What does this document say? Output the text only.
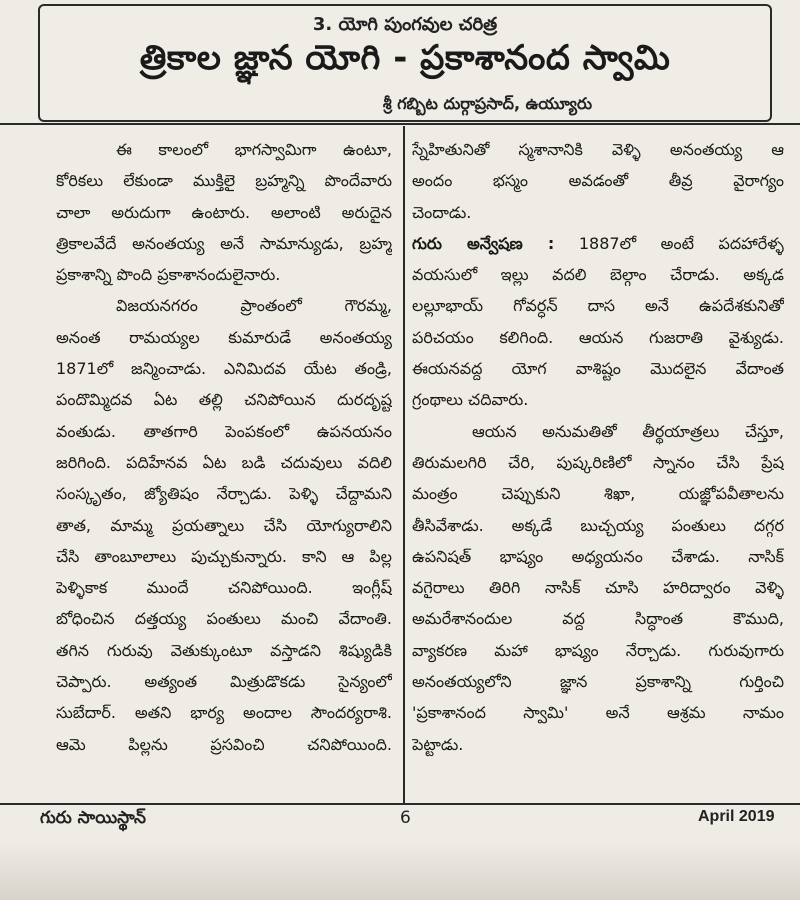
3. యోగి పుంగవుల చరిత్ర
త్రికాల జ్ఞాన యోగి - ప్రకాశానంద స్వామి
శ్రీ గబ్బిట దుర్గాప్రసాద్, ఉయ్యూరు
ఈ కాలంలో భాగస్వామిగా ఉంటూ,
కోరికలు లేకుండా ముక్తిలై బ్రహ్మన్ని పొందేవారు
చాలా అరుదుగా ఉంటారు. అలాంటి అరుదైన
త్రికాలవేదే అనంతయ్య అనే సామాన్యుడు, బ్రహ్మ
ప్రకాశాన్ని పొంది ప్రకాశానందులైనారు.
విజయనగరం ప్రాంతంలో గౌరమ్మ,
అనంత రామయ్యల కుమారుడే అనంతయ్య
1871లో జన్మించాడు. ఎనిమిదవ యేట తండ్రి,
పందొమ్మిదవ ఏట తల్లి చనిపోయిన దురదృష్ట
వంతుడు. తాతగారి పెంపకంలో ఉపనయనం
జరిగింది. పదిహేనవ ఏట బడి చదువులు వదిలి
సంస్కృతం, జ్యోతిషం నేర్చాడు. పెళ్ళి చేద్దామని
తాత, మామ్మ ప్రయత్నాలు చేసి యోగ్యురాలిని
చేసి తాంబూలాలు పుచ్చుకున్నారు. కాని ఆ పిల్ల
పెళ్ళికాక ముందే చనిపోయింది. ఇంగ్లీష్
బోధించిన దత్తయ్య పంతులు మంచి వేదాంతి.
తగిన గురువు వెతుక్కుంటూ వస్తాడని శిష్యుడికి
చెప్పారు. అత్యంత మిత్రుడొకడు సైన్యంలో
సుబేదార్. అతని భార్య అందాల సౌందర్యరాశి.
ఆమె పిల్లను ప్రసవించి చనిపోయింది.
స్నేహితునితో స్మశానానికి వెళ్ళి అనంతయ్య ఆ
అందం భస్మం అవడంతో తీవ్ర వైరాగ్యం
చెందాడు.
గురు అన్వేషణ : 1887లో అంటే పదహారేళ్ళ
వయసులో ఇల్లు వదలి బెల్గాం చేరాడు. అక్కడ
లల్లూభాయ్ గోవర్ధన్ దాస అనే ఉపదేశకునితో
పరిచయం కలిగింది. ఆయన గుజరాతి వైశ్యుడు.
ఈయనవద్ద యోగ వాశిష్టం మొదలైన వేదాంత
గ్రంథాలు చదివారు.
ఆయన అనుమతితో తీర్థయాత్రలు చేస్తూ,
తిరుమలగిరి చేరి, పుష్కరిణిలో స్నానం చేసి ప్రేష
మంత్రం చెప్పుకుని శిఖా, యజ్ఞోపవీతాలను
తీసివేశాడు. అక్కడే బుచ్చయ్య పంతులు దగ్గర
ఉపనిషత్ భాష్యం అధ్యయనం చేశాడు. నాసిక్
వగైరాలు తిరిగి నాసిక్ చూసి హరిద్వారం వెళ్ళి
అమరేశానందుల వద్ద సిద్ధాంత కౌముది,
వ్యాకరణ మహా భాష్యం నేర్చాడు. గురువుగారు
అనంతయ్యలోని జ్ఞాన ప్రకాశాన్ని గుర్తించి
'ప్రకాశానంద స్వామి' అనే ఆశ్రమ నామం
పెట్టాడు.
గురు సాయిస్థాన్	6	April 2019
